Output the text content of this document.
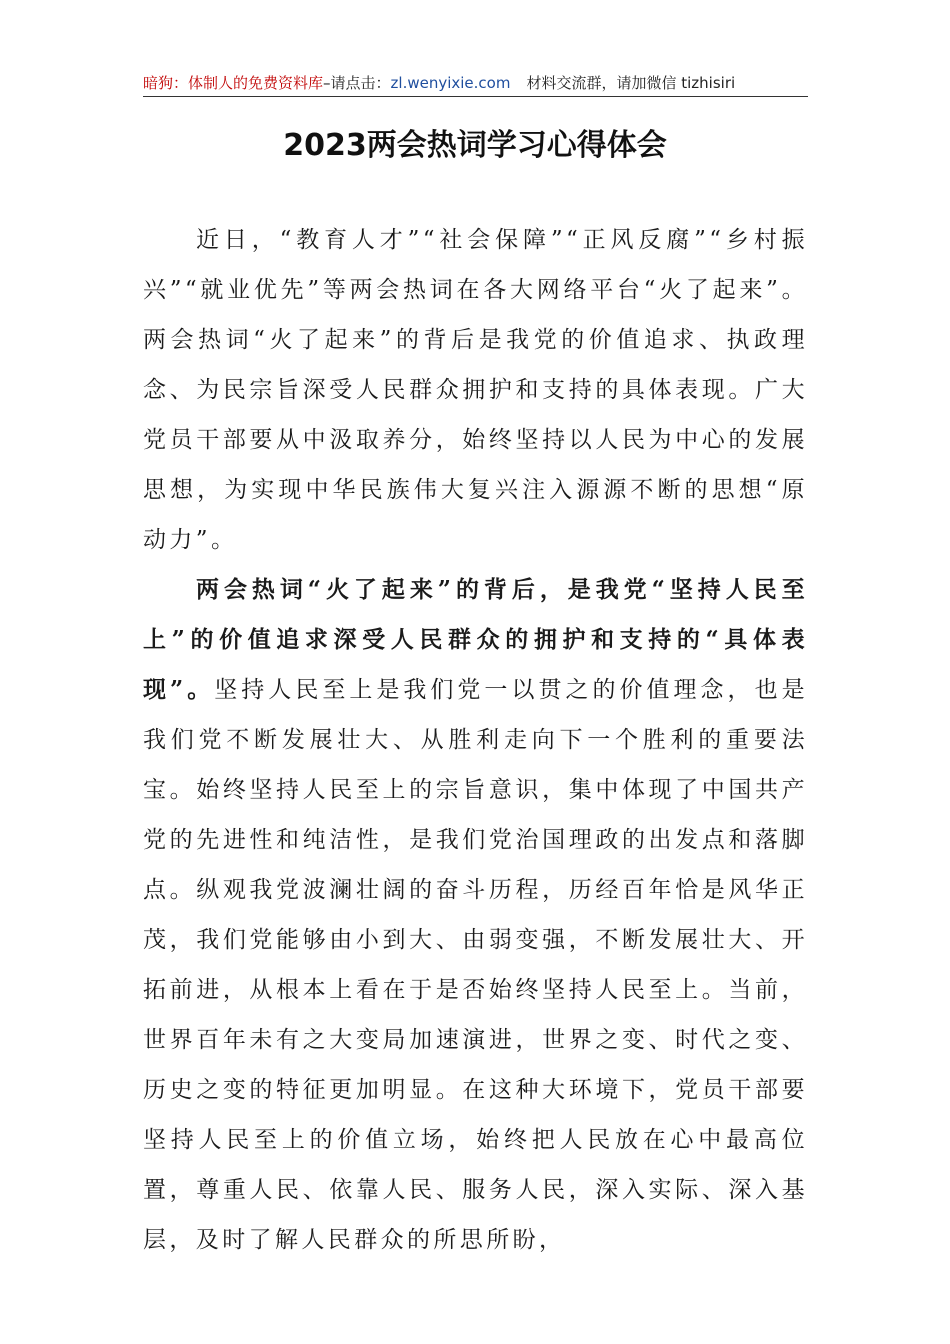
暗狗：体制人的免费资料库–请点击：zl.wenyixie.com 材料交流群，请加微信 tizhisiri
2023两会热词学习心得体会

近日，“教育人才”“社会保障”“正风反腐”“乡村振兴”“就业优先”等两会热词在各大网络平台“火了起来”。两会热词“火了起来”的背后是我党的价值追求、执政理念、为民宗旨深受人民群众拥护和支持的具体表现。广大党员干部要从中汲取养分，始终坚持以人民为中心的发展思想，为实现中华民族伟大复兴注入源源不断的思想“原动力”。

两会热词“火了起来”的背后，是我党“坚持人民至上”的价值追求深受人民群众的拥护和支持的“具体表现”。坚持人民至上是我们党一以贯之的价值理念，也是我们党不断发展壮大、从胜利走向下一个胜利的重要法宝。始终坚持人民至上的宗旨意识，集中体现了中国共产党的先进性和纯洁性，是我们党治国理政的出发点和落脚点。纵观我党波澜壮阔的奋斗历程，历经百年恰是风华正茂，我们党能够由小到大、由弱变强，不断发展壮大、开拓前进，从根本上看在于是否始终坚持人民至上。当前，世界百年未有之大变局加速演进，世界之变、时代之变、历史之变的特征更加明显。在这种大环境下，党员干部要坚持人民至上的价值立场，始终把人民放在心中最高位置，尊重人民、依靠人民、服务人民，深入实际、深入基层，及时了解人民群众的所思所盼，
